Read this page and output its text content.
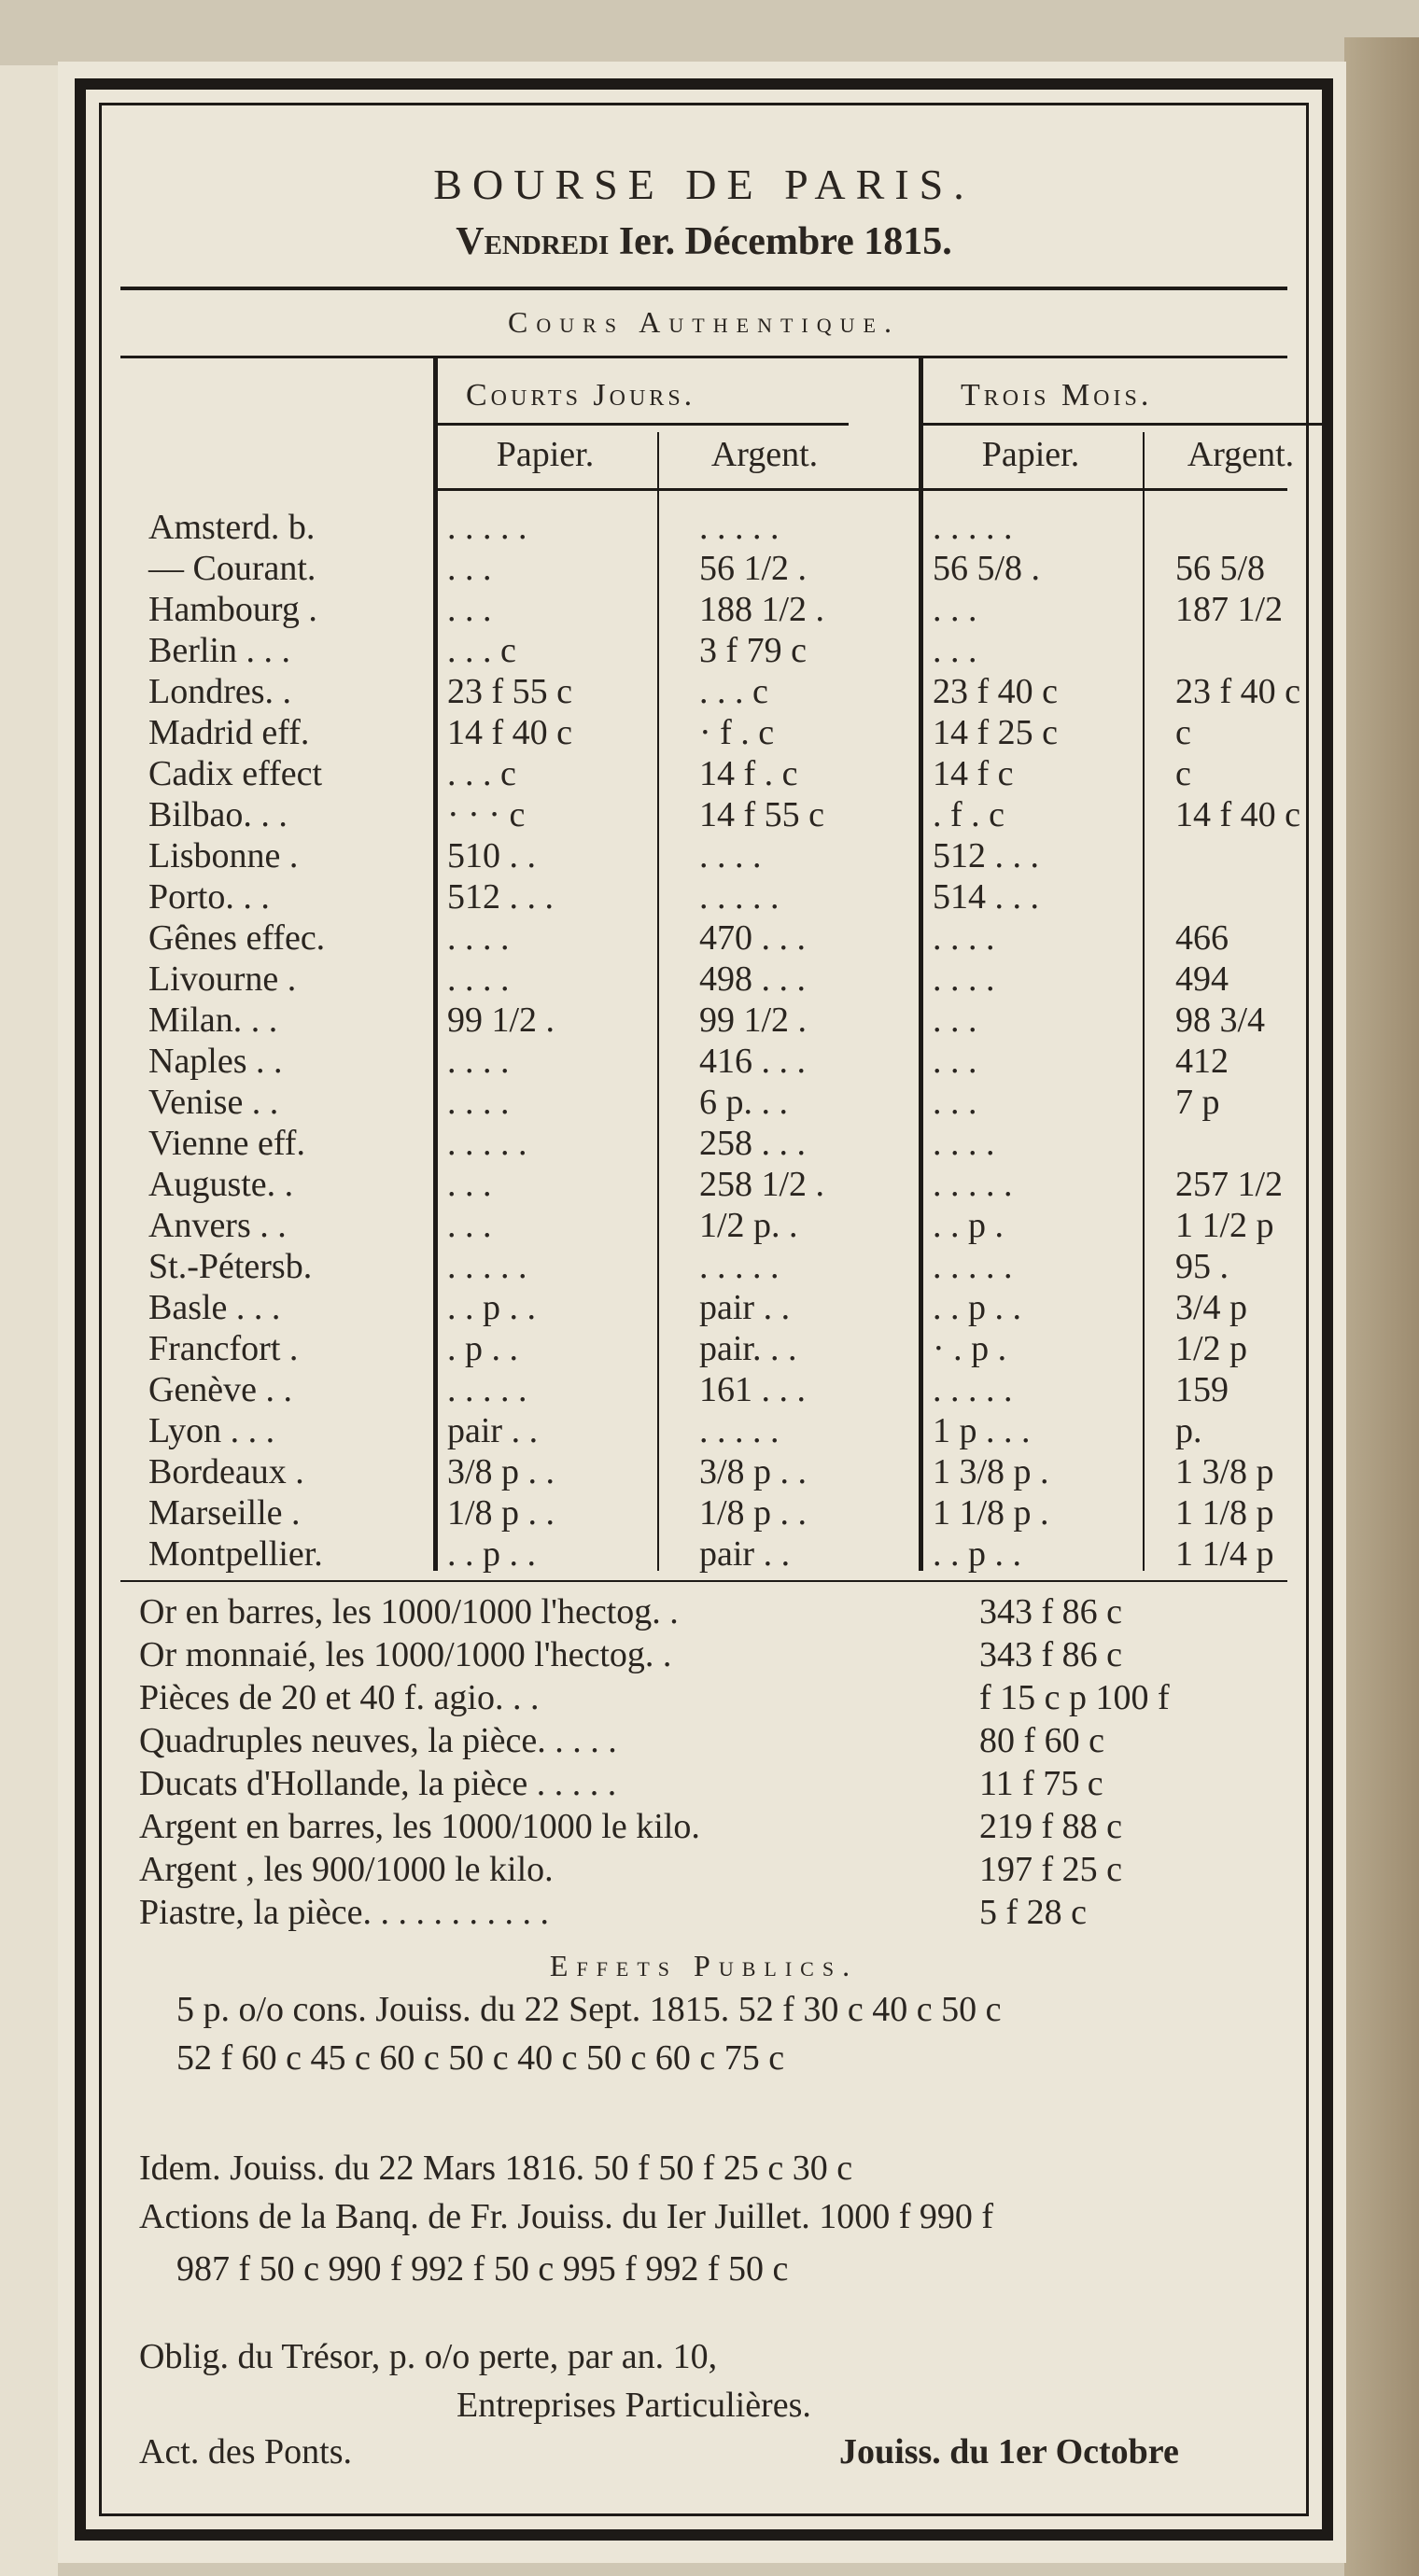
BOURSE DE PARIS.
Vendredi Ier. Décembre 1815.
Cours Authentique.
Courts Jours.	Trois Mois.
Papier.	Argent.	Papier.	Argent.
Amsterd. b.	. . . . .	. . . . .	. . . . .
— Courant.	. . .	56 1/2 .	56 5/8 .	56 5/8
Hambourg .	. . .	188 1/2 .	. . .	187 1/2
Berlin . . .	. . . c	3 f 79 c	. . .
Londres. .	23 f 55 c	. . . c	23 f 40 c	23 f 40 c
Madrid eff.	14 f 40 c	· f . c	14 f 25 c	c
Cadix effect	. . . c	14 f . c	14 f c	c
Bilbao. . .	· · · c	14 f 55 c	. f . c	14 f 40 c
Lisbonne .	510 . .	. . . .	512 . . .
Porto. . .	512 . . .	. . . . .	514 . . .
Gênes effec.	. . . .	470 . . .	. . . .	466
Livourne .	. . . .	498 . . .	. . . .	494
Milan. . .	99 1/2 .	99 1/2 .	. . .	98 3/4
Naples . .	. . . .	416 . . .	. . .	412
Venise . .	. . . .	6 p. . .	. . .	7 p
Vienne eff.	. . . . .	258 . . .	. . . .
Auguste. .	. . .	258 1/2 .	. . . . .	257 1/2
Anvers . .	. . .	1/2 p. .	. . p .	1 1/2 p
St.-Pétersb.	. . . . .	. . . . .	. . . . .	95 .
Basle . . .	. . p . .	pair . .	. . p . .	3/4 p
Francfort .	. p . .	pair. . .	· . p .	1/2 p
Genève . .	. . . . .	161 . . .	. . . . .	159
Lyon . . .	pair . .	. . . . .	1 p . . .	p.
Bordeaux .	3/8 p . .	3/8 p . .	1 3/8 p .	1 3/8 p
Marseille .	1/8 p . .	1/8 p . .	1 1/8 p .	1 1/8 p
Montpellier.	. . p . .	pair . .	. . p . .	1 1/4 p
Or en barres, les 1000/1000 l'hectog. .	343 f 86 c
Or monnaié, les 1000/1000 l'hectog. .	343 f 86 c
Pièces de 20 et 40 f. agio. . .	f 15 c p 100 f
Quadruples neuves, la pièce. . . . .	80 f 60 c
Ducats d'Hollande, la pièce . . . . .	11 f 75 c
Argent en barres, les 1000/1000 le kilo.	219 f 88 c
Argent , les 900/1000 le kilo.	197 f 25 c
Piastre, la pièce. . . . . . . . . . .	5 f 28 c
Effets Publics.
5 p. o/o cons. Jouiss. du 22 Sept. 1815. 52 f 30 c 40 c 50 c
52 f 60 c 45 c 60 c 50 c 40 c 50 c 60 c 75 c
Idem. Jouiss. du 22 Mars 1816. 50 f 50 f 25 c 30 c
Actions de la Banq. de Fr. Jouiss. du Ier Juillet. 1000 f 990 f
987 f 50 c 990 f 992 f 50 c 995 f 992 f 50 c
Oblig. du Trésor, p. o/o perte, par an. 10,
Entreprises Particulières.
Act. des Ponts.	Jouiss. du 1er Octobre
